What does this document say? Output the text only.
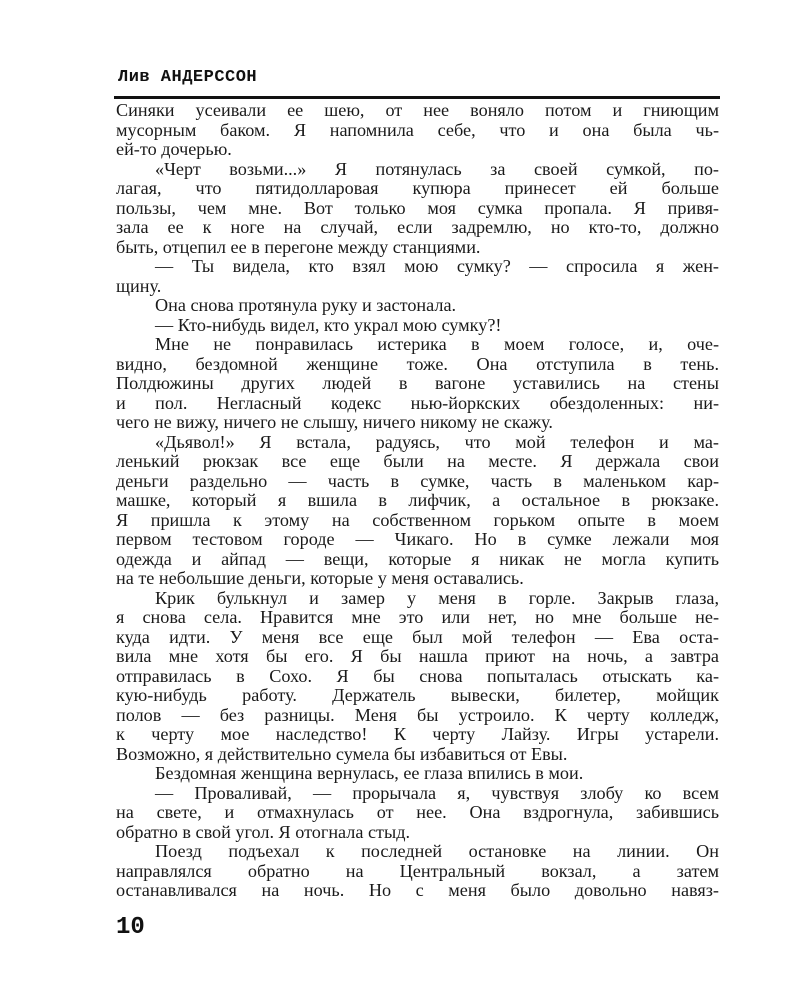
Лив АНДЕРССОН
Синяки усеивали ее шею, от нее воняло потом и гниющим
мусорным баком. Я напомнила себе, что и она была чь-
ей-то дочерью.
«Черт возьми...» Я потянулась за своей сумкой, по-
лагая, что пятидолларовая купюра принесет ей больше
пользы, чем мне. Вот только моя сумка пропала. Я привя-
зала ее к ноге на случай, если задремлю, но кто-то, должно
быть, отцепил ее в перегоне между станциями.
— Ты видела, кто взял мою сумку? — спросила я жен-
щину.
Она снова протянула руку и застонала.
— Кто-нибудь видел, кто украл мою сумку?!
Мне не понравилась истерика в моем голосе, и, оче-
видно, бездомной женщине тоже. Она отступила в тень.
Полдюжины других людей в вагоне уставились на стены
и пол. Негласный кодекс нью-йоркских обездоленных: ни-
чего не вижу, ничего не слышу, ничего никому не скажу.
«Дьявол!» Я встала, радуясь, что мой телефон и ма-
ленький рюкзак все еще были на месте. Я держала свои
деньги раздельно — часть в сумке, часть в маленьком кар-
машке, который я вшила в лифчик, а остальное в рюкзаке.
Я пришла к этому на собственном горьком опыте в моем
первом тестовом городе — Чикаго. Но в сумке лежали моя
одежда и айпад — вещи, которые я никак не могла купить
на те небольшие деньги, которые у меня оставались.
Крик булькнул и замер у меня в горле. Закрыв глаза,
я снова села. Нравится мне это или нет, но мне больше не-
куда идти. У меня все еще был мой телефон — Ева оста-
вила мне хотя бы его. Я бы нашла приют на ночь, а завтра
отправилась в Сохо. Я бы снова попыталась отыскать ка-
кую-нибудь работу. Держатель вывески, билетер, мойщик
полов — без разницы. Меня бы устроило. К черту колледж,
к черту мое наследство! К черту Лайзу. Игры устарели.
Возможно, я действительно сумела бы избавиться от Евы.
Бездомная женщина вернулась, ее глаза впились в мои.
— Проваливай, — прорычала я, чувствуя злобу ко всем
на свете, и отмахнулась от нее. Она вздрогнула, забившись
обратно в свой угол. Я отогнала стыд.
Поезд подъехал к последней остановке на линии. Он
направлялся обратно на Центральный вокзал, а затем
останавливался на ночь. Но с меня было довольно навяз-
10
